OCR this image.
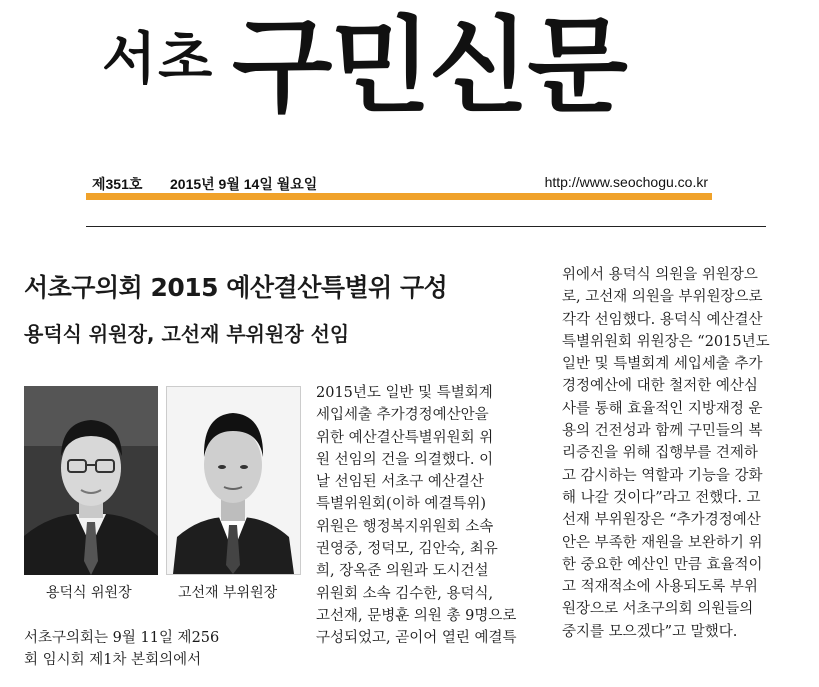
서초 구민신문
제351호 2015년 9월 14일 월요일	http://www.seochogu.co.kr
서초구의회 2015 예산결산특별위 구성
용덕식 위원장, 고선재 부위원장 선임
용덕식 위원장	고선재 부위원장

서초구의회는 9월 11일 제256

회 임시회 제1차 본회의에서

2015년도 일반 및 특별회계

세입세출 추가경정예산안을

위한 예산결산특별위원회 위

원 선임의 건을 의결했다. 이

날 선임된 서초구 예산결산

특별위원회(이하 예결특위)

위원은 행정복지위원회 소속

권영중, 정덕모, 김안숙, 최유

희, 장옥준 의원과 도시건설

위원회 소속 김수한, 용덕식,

고선재, 문병훈 의원 총 9명으로

구성되었고, 곧이어 열린 예결특

위에서 용덕식 의원을 위원장으

로, 고선재 의원을 부위원장으로

각각 선임했다. 용덕식 예산결산

특별위원회 위원장은 “2015년도

일반 및 특별회계 세입세출 추가

경정예산에 대한 철저한 예산심

사를 통해 효율적인 지방재정 운

용의 건전성과 함께 구민들의 복

리증진을 위해 집행부를 견제하

고 감시하는 역할과 기능을 강화

해 나갈 것이다”라고 전했다. 고

선재 부위원장은 “추가경정예산

안은 부족한 재원을 보완하기 위

한 중요한 예산인 만큼 효율적이

고 적재적소에 사용되도록 부위

원장으로 서초구의회 의원들의

중지를 모으겠다”고 말했다.
